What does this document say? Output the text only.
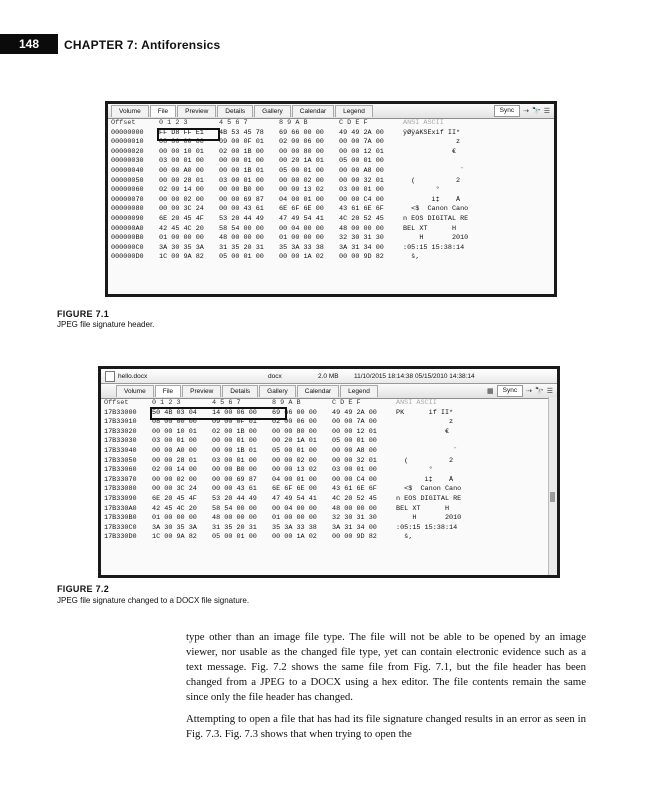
148	CHAPTER 7: Antiforensics
Volume	File	Preview	Details	Gallery	Calendar	Legend	Sync	⇢ 🔭 ☰
Offset	0 1 2 3	4 5 6 7	8 9 A B	C D E F	ANSI ASCII
00000000	FF D8 FF E1	4B 53 45 78	69 66 00 00	49 49 2A 00	ÿØÿáKSExif II*
00000010	08 00 00 00	09 00 0F 01	02 00 06 00	00 00 7A 00	z
00000020	00 00 10 01	02 00 1B 00	00 00 80 00	00 00 12 01	€
00000030	03 00 01 00	00 00 01 00	00 20 1A 01	05 00 01 00
00000040	00 00 A0 00	00 00 1B 01	05 00 01 00	00 00 A8 00	¨
00000050	00 00 28 01	03 00 01 00	00 00 02 00	00 00 32 01	(          2
00000060	02 00 14 00	00 00 B0 00	00 00 13 02	03 00 01 00	°
00000070	00 00 02 00	00 00 69 87	04 00 01 00	00 00 C4 00	i‡    Ä
00000080	00 00 3C 24	00 00 43 61	6E 6F 6E 00	43 61 6E 6F	<$  Canon Cano
00000090	6E 20 45 4F	53 20 44 49	47 49 54 41	4C 20 52 45	n EOS DIGITAL RE
000000A0	42 45 4C 20	58 54 00 00	00 04 00 00	48 00 00 00	BEL XT      H
000000B0	01 00 00 00	48 00 00 00	01 00 00 00	32 30 31 30	H       2010
000000C0	3A 30 35 3A	31 35 20 31	35 3A 33 38	3A 31 34 00	:05:15 15:38:14
000000D0	1C 00 9A 82	05 00 01 00	00 00 1A 02	00 00 9D 82	š‚
FIGURE 7.1
JPEG file signature header.
hello.docx	docx	2.0 MB	11/10/2015 18:14:38 05/15/2010 14:38:14
Volume	File	Preview	Details	Gallery	Calendar	Legend	▦	Sync	⇢ 🔭 ☰
Offset	0 1 2 3	4 5 6 7	8 9 A B	C D E F	ANSI ASCII
17B33000	50 4B 03 04	14 00 06 00	69 66 00 00	49 49 2A 00	PK      if II*
17B33010	08 00 00 00	09 00 0F 01	02 00 06 00	00 00 7A 00	z
17B33020	00 00 10 01	02 00 1B 00	00 00 80 00	00 00 12 01	€
17B33030	03 00 01 00	00 00 01 00	00 20 1A 01	05 00 01 00
17B33040	00 00 A0 00	00 00 1B 01	05 00 01 00	00 00 A8 00	¨
17B33050	00 00 28 01	03 00 01 00	00 00 02 00	00 00 32 01	(          2
17B33060	02 00 14 00	00 00 B0 00	00 00 13 02	03 00 01 00	°
17B33070	00 00 02 00	00 00 69 87	04 00 01 00	00 00 C4 00	i‡    Ä
17B33080	00 00 3C 24	00 00 43 61	6E 6F 6E 00	43 61 6E 6F	<$  Canon Cano
17B33090	6E 20 45 4F	53 20 44 49	47 49 54 41	4C 20 52 45	n EOS DIGITAL RE
17B330A0	42 45 4C 20	58 54 00 00	00 04 00 00	48 00 00 00	BEL XT      H
17B330B0	01 00 00 00	48 00 00 00	01 00 00 00	32 30 31 30	H       2010
17B330C0	3A 30 35 3A	31 35 20 31	35 3A 33 38	3A 31 34 00	:05:15 15:38:14
17B330D0	1C 00 9A 82	05 00 01 00	00 00 1A 02	00 00 9D 82	š‚
FIGURE 7.2
JPEG file signature changed to a DOCX file signature.

type other than an image file type. The file will not be able to be opened by an image viewer, nor usable as the changed file type, yet can contain electronic evidence such as a text message. Fig. 7.2 shows the same file from Fig. 7.1, but the file header has been changed from a JPEG to a DOCX using a hex editor. The file contents remain the same since only the file header has changed.

Attempting to open a file that has had its file signature changed results in an error as seen in Fig. 7.3. Fig. 7.3 shows that when trying to open the
